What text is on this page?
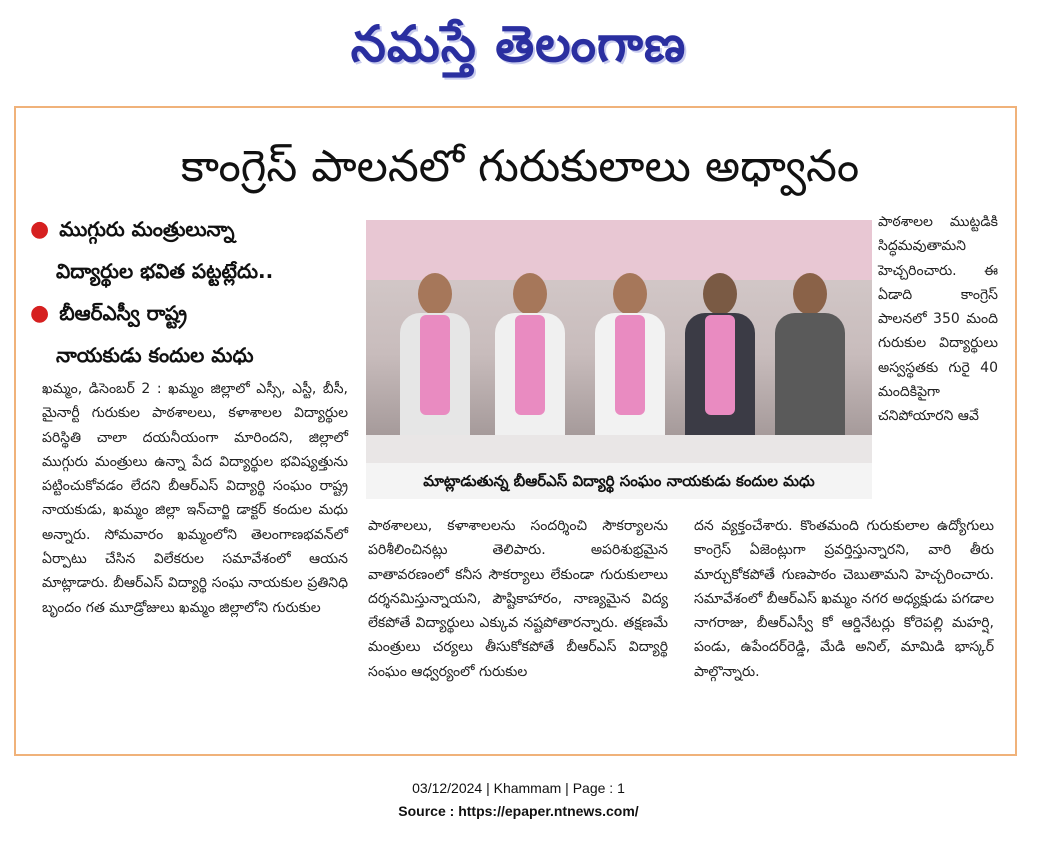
నమస్తే తెలంగాణ
కాంగ్రెస్ పాలనలో గురుకులాలు అధ్వానం
● ముగ్గురు మంత్రులున్నా
విద్యార్థుల భవిత పట్టట్లేదు..
● బీఆర్ఎస్వీ రాష్ట్ర
నాయకుడు కందుల మధు
మాట్లాడుతున్న బీఆర్ఎస్ విద్యార్థి సంఘం నాయకుడు కందుల మధు

ఖమ్మం, డిసెంబర్ 2 : ఖమ్మం జిల్లాలో ఎస్సీ, ఎస్టీ, బీసీ, మైనార్టీ గురుకుల పాఠశాలలు, కళాశాలల విద్యార్థుల పరిస్థితి చాలా దయనీయంగా మారిందని, జిల్లాలో ముగ్గురు మంత్రులు ఉన్నా పేద విద్యార్థుల భవిష్యత్తును పట్టించుకోవడం లేదని బీఆర్ఎస్ విద్యార్థి సంఘం రాష్ట్ర నాయకుడు, ఖమ్మం జిల్లా ఇన్‌చార్జి డాక్టర్ కందుల మధు అన్నారు. సోమవారం ఖమ్మంలోని తెలంగాణభవన్‌లో ఏర్పాటు చేసిన విలేకరుల సమావేశంలో ఆయన మాట్లాడారు. బీఆర్ఎస్ విద్యార్థి సంఘ నాయకుల ప్రతినిధి బృందం గత మూడ్రోజులు ఖమ్మం జిల్లాలోని గురుకుల

పాఠశాలలు, కళాశాలలను సందర్శించి సౌకర్యాలను పరిశీలించినట్లు తెలిపారు. అపరిశుభ్రమైన వాతావరణంలో కనీస సౌకర్యాలు లేకుండా గురుకులాలు దర్శనమిస్తున్నాయని, పౌష్టికాహారం, నాణ్యమైన విద్య లేకపోతే విద్యార్థులు ఎక్కువ నష్టపోతారన్నారు. తక్షణమే మంత్రులు చర్యలు తీసుకోకపోతే బీఆర్ఎస్ విద్యార్థి సంఘం ఆధ్వర్యంలో గురుకుల

దన వ్యక్తంచేశారు. కొంతమంది గురుకులాల ఉద్యోగులు కాంగ్రెస్ ఏజెంట్లుగా ప్రవర్తిస్తున్నారని, వారి తీరు మార్చుకోకపోతే గుణపాఠం చెబుతామని హెచ్చరించారు. సమావేశంలో బీఆర్ఎస్ ఖమ్మం నగర అధ్యక్షుడు పగడాల నాగరాజు, బీఆర్ఎస్వీ కో ఆర్డినేటర్లు కోరెపల్లి మహర్షి, పండు, ఉపేందర్‌రెడ్డి, మేడి అనిల్, మామిడి భాస్కర్ పాల్గొన్నారు.

పాఠశాలల ముట్టడికి సిద్ధమవుతామని హెచ్చరించారు. ఈ ఏడాది కాంగ్రెస్ పాలనలో 350 మంది గురుకుల విద్యార్థులు అస్వస్థతకు గురై 40 మందికిపైగా చనిపోయారని ఆవే

03/12/2024 | Khammam | Page : 1
Source : https://epaper.ntnews.com/
